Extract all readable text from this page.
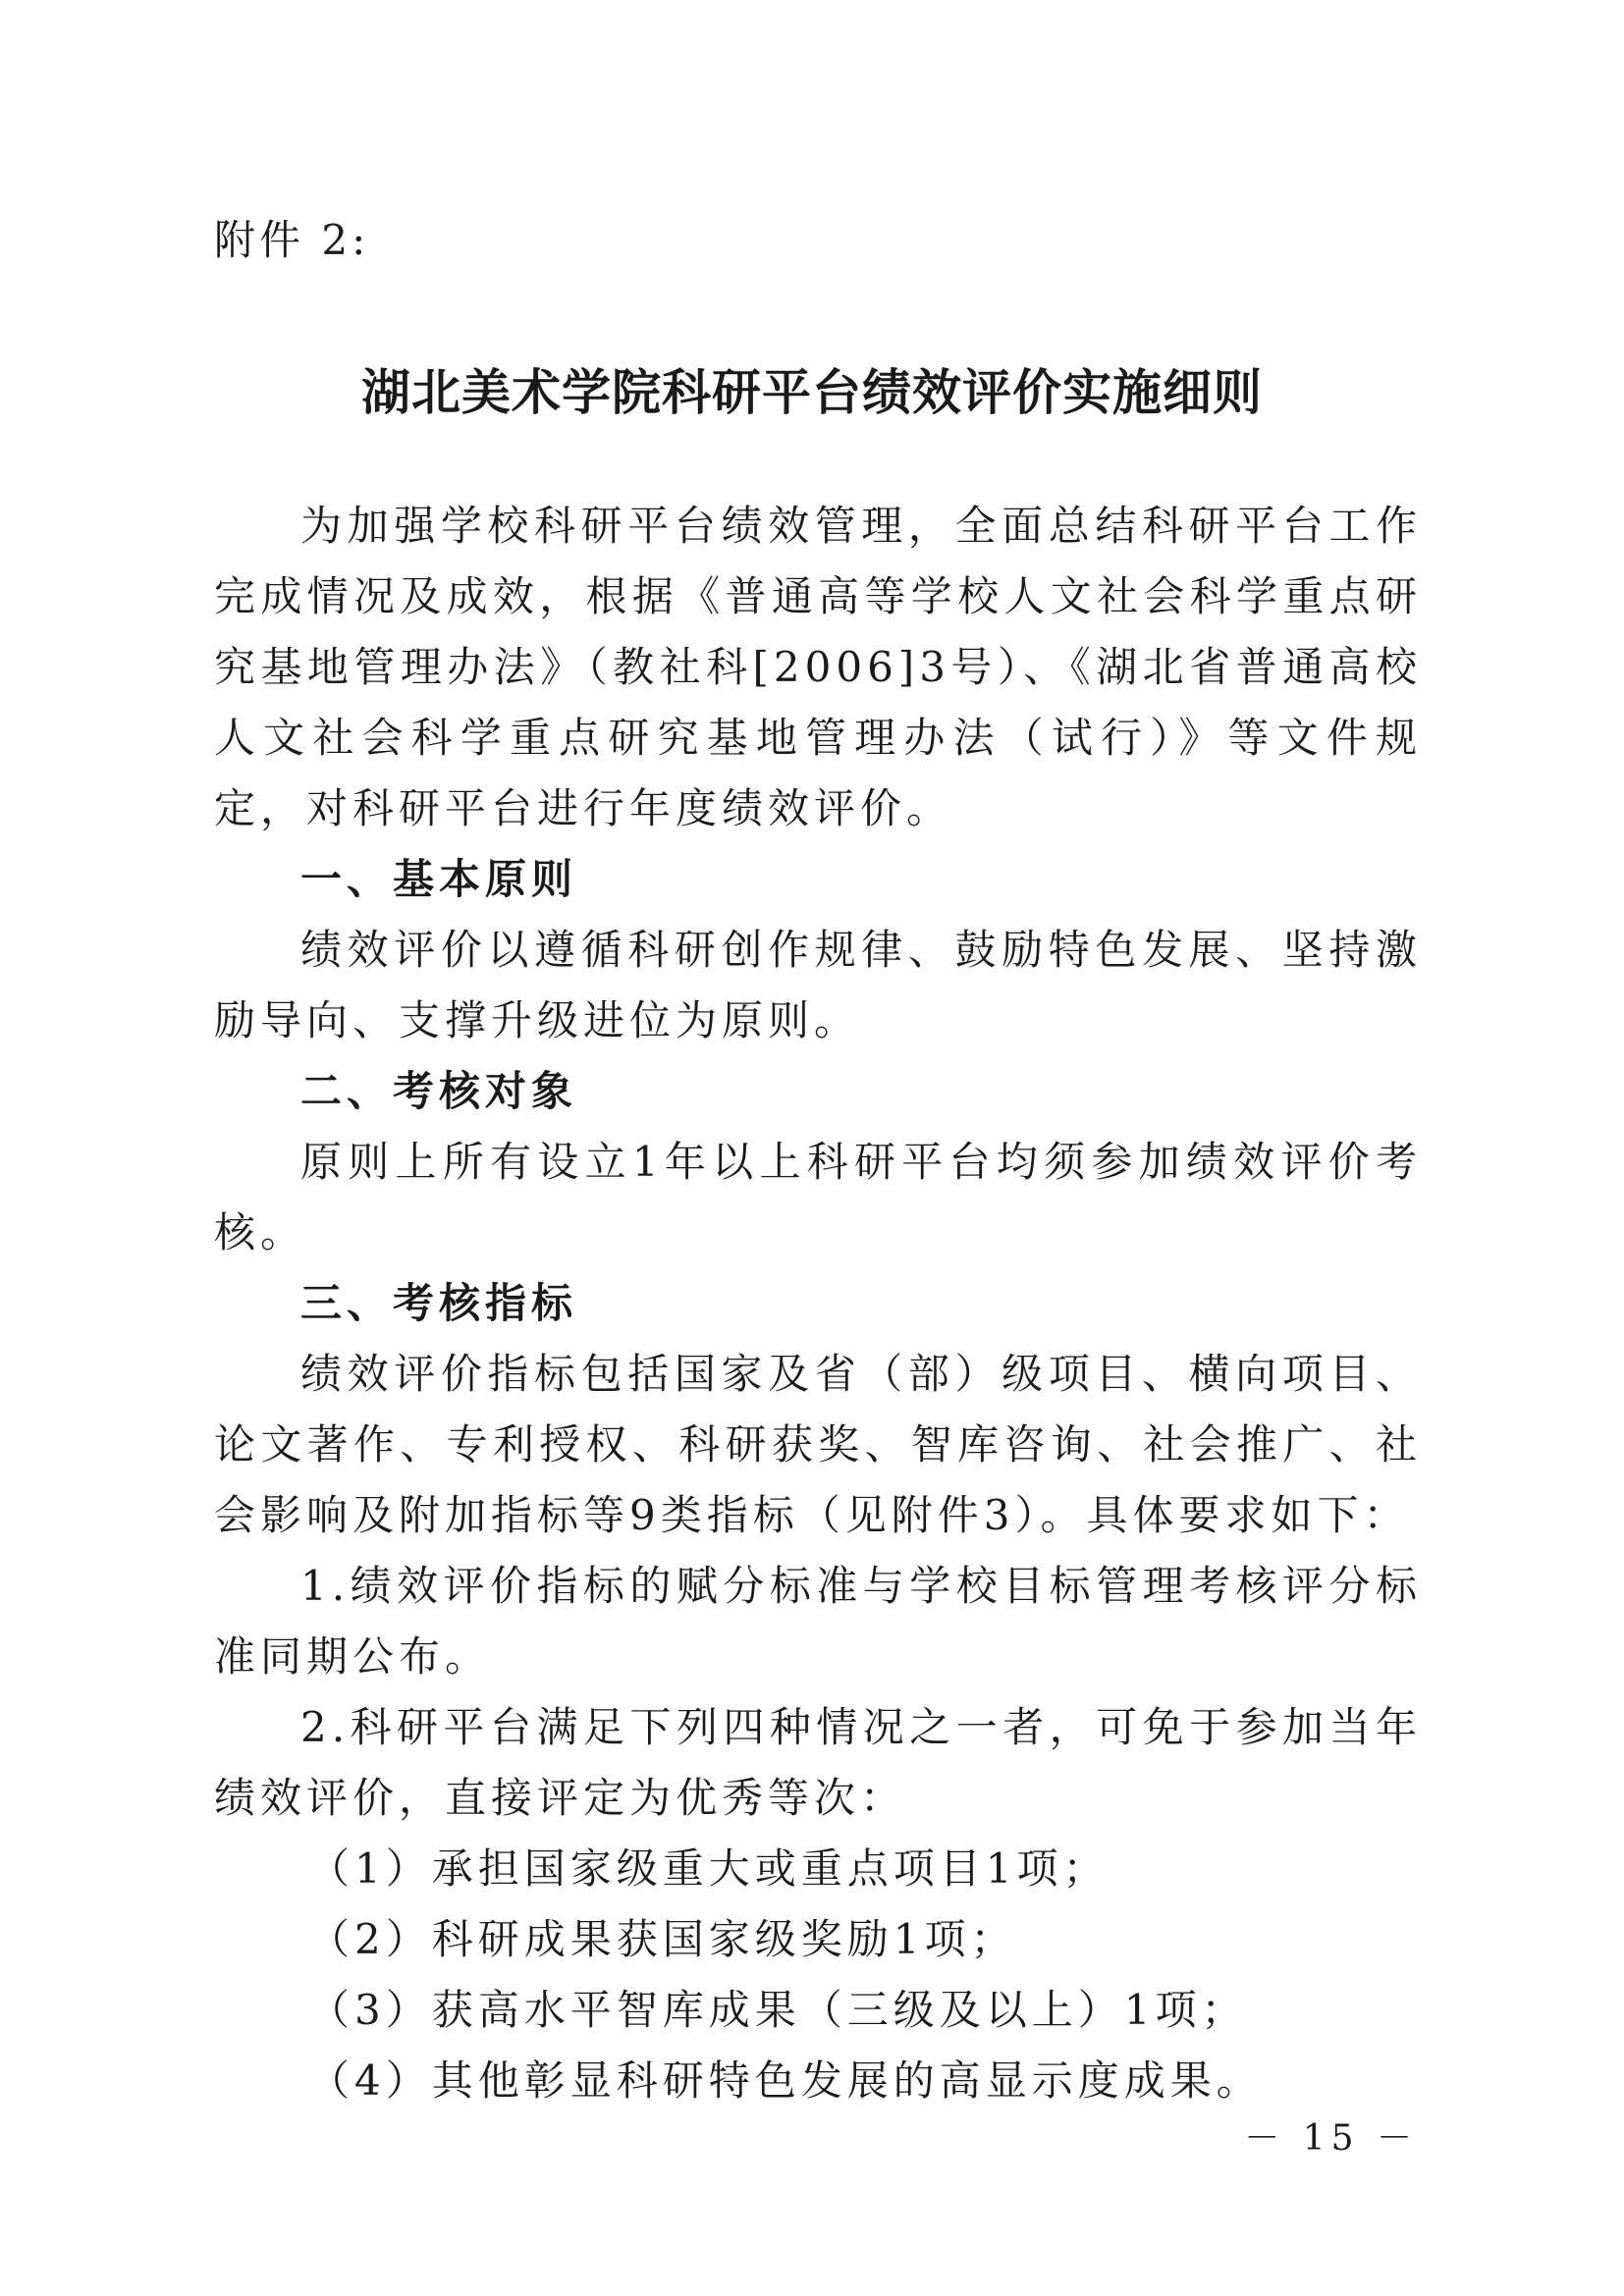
附件 2:
湖北美术学院科研平台绩效评价实施细则

为加强学校科研平台绩效管理，全面总结科研平台工作完成情况及成效，根据《普通高等学校人文社会科学重点研究基地管理办法》（教社科[2006]3号）、《湖北省普通高校人文社会科学重点研究基地管理办法（试行）》等文件规定，对科研平台进行年度绩效评价。

一、基本原则

绩效评价以遵循科研创作规律、鼓励特色发展、坚持激励导向、支撑升级进位为原则。

二、考核对象

原则上所有设立1年以上科研平台均须参加绩效评价考核。

三、考核指标

绩效评价指标包括国家及省（部）级项目、横向项目、论文著作、专利授权、科研获奖、智库咨询、社会推广、社会影响及附加指标等9类指标（见附件3）。具体要求如下：

1.绩效评价指标的赋分标准与学校目标管理考核评分标准同期公布。

2.科研平台满足下列四种情况之一者，可免于参加当年绩效评价，直接评定为优秀等次：

（1）承担国家级重大或重点项目1项；

（2）科研成果获国家级奖励1项；

（3）获高水平智库成果（三级及以上）1项；

（4）其他彰显科研特色发展的高显示度成果。

－ 15 －
